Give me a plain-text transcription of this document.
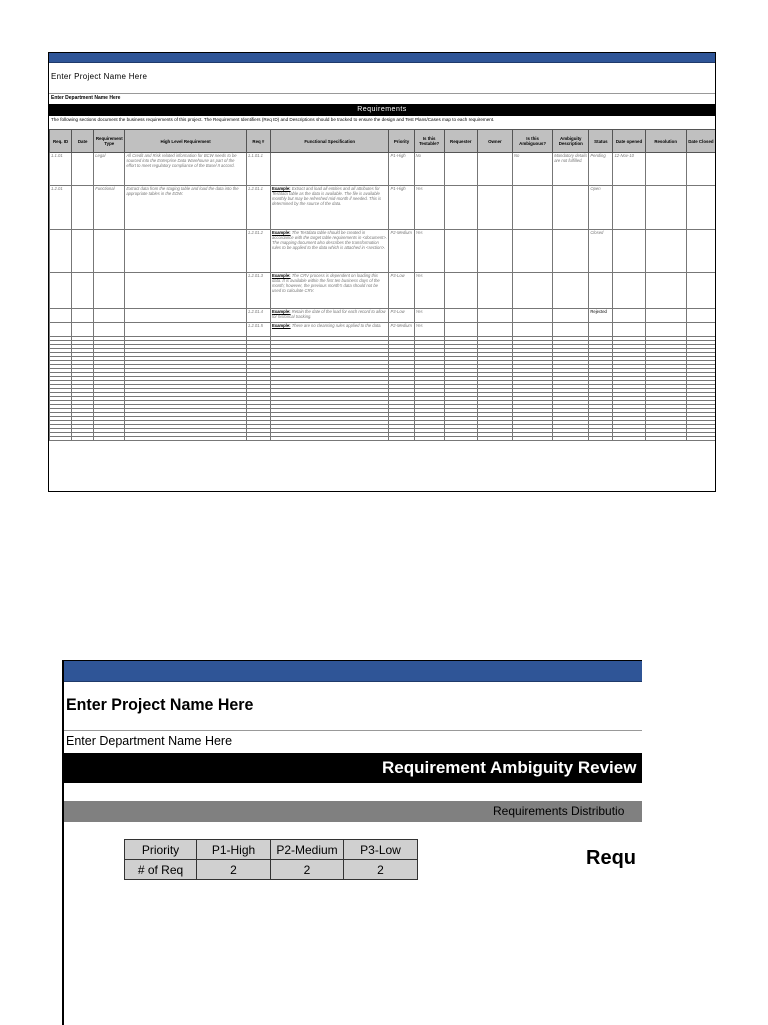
Enter Project Name Here
Enter Department Name Here
Requirements
The following sections document the business requirements of this project. The Requirement Identifiers (Req ID) and Descriptions should be tracked to ensure the design and Test Plans/Cases map to each requirement.
Req. ID	Date	Requirement Type	High Level Requirement	Req #	Functional Specification	Priority	Is this Testable?	Requester	Owner	Is this Ambiguous?	Ambiguity Description	Status	Date opened	Resolution	Date Closed
1.1.01		Legal	All Credit and Risk related information for BCW needs to be sourced into the Enterprise Data Warehouse as part of the effort to meet regulatory compliance of the Basel II accord.	1.1.01.1		P1-High	No			No	Mandatory details are not fulfilled.	Pending	12-Nov-10		
1.2.01		Functional	Extract data from the staging table and load the data into the appropriate tables in the EDW.	1.2.01.1	Example: Extract and load all entities and all attributes for Testdata table as the data is available. The file is available monthly but may be refreshed mid-month if needed. This is determined by the source of the data.	P1-High	Yes					Open			
				1.2.01.2	Example: The Testdata table should be created in accordance with the target table requirements in <document>. The mapping document also describes the transformation rules to be applied to the data which is attached in <section>.	P2-Medium	Yes					Closed			
				1.2.01.3	Example: The CRV process is dependent on loading this data. It is available within the first ten business days of the month; however, the previous month's data should not be used to calculate CRV.	P3-Low	Yes								
				1.2.01.4	Example: Retain the date of the load for each record to allow for historical tracking.	P3-Low	Yes					Rejected			
				1.2.01.5	Example: There are no cleansing rules applied to the data.	P2-Medium	Yes								

Enter Project Name Here
Enter Department Name Here
Requirement Ambiguity Review
Requirements Distributio
Priority	P1-High	P2-Medium	P3-Low
# of Req	2	2	2
Requ
